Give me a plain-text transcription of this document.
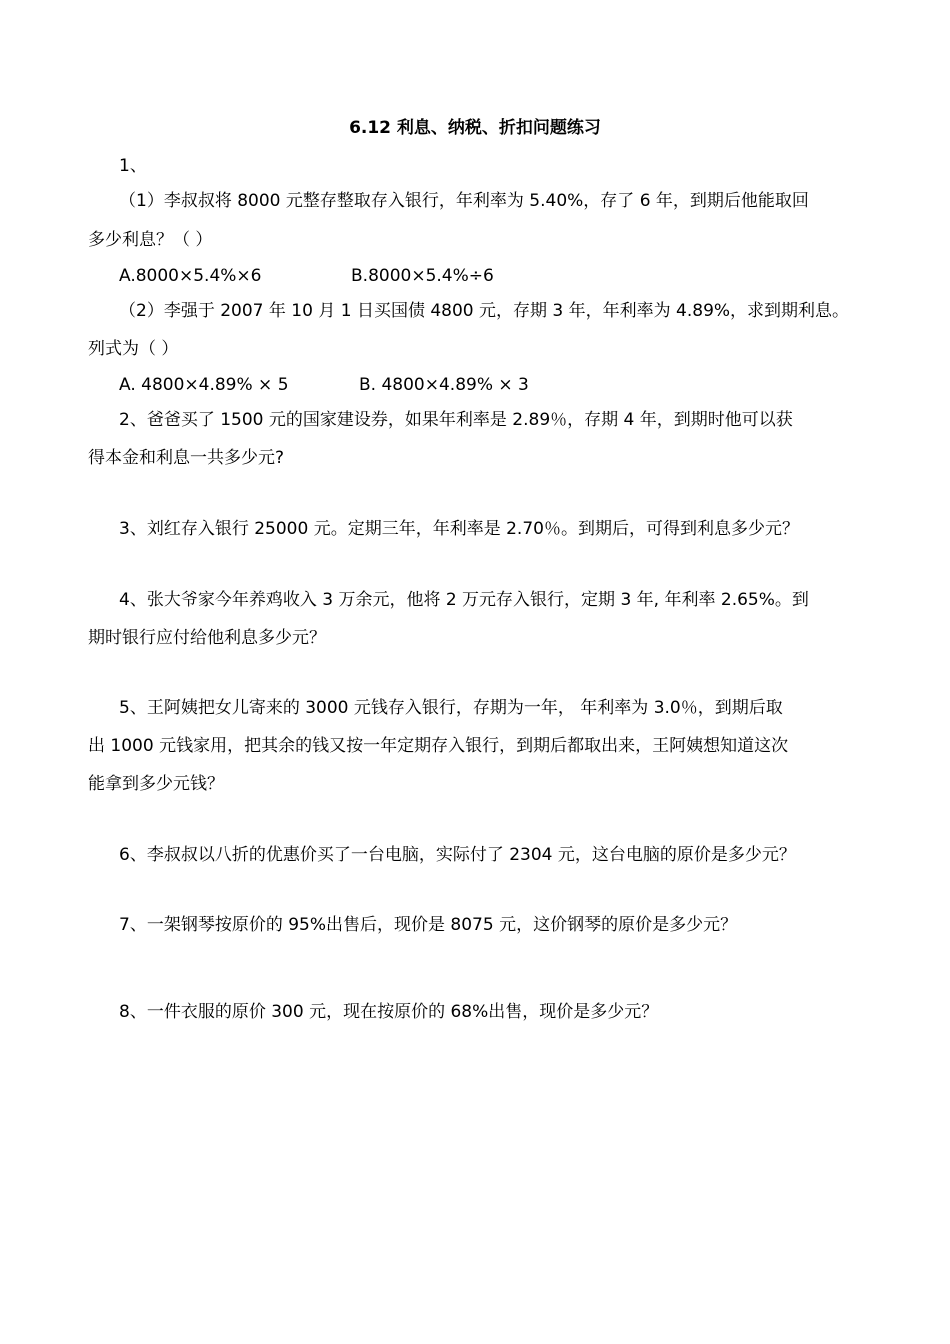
6.12 利息、纳税、折扣问题练习
1、
（1）李叔叔将 8000 元整存整取存入银行，年利率为 5.40%，存了 6 年，到期后他能取回
多少利息？（ ）
A.8000×5.4%×6	B.8000×5.4%÷6
（2）李强于 2007 年 10 月 1 日买国债 4800 元，存期 3 年，年利率为 4.89%，求到期利息。
列式为（ ）
A. 4800×4.89% × 5	B. 4800×4.89% × 3
2、爸爸买了 1500 元的国家建设券，如果年利率是 2.89％，存期 4 年，到期时他可以获
得本金和利息一共多少元?
3、刘红存入银行 25000 元。定期三年，年利率是 2.70％。到期后，可得到利息多少元？
4、张大爷家今年养鸡收入 3 万余元，他将 2 万元存入银行，定期 3 年, 年利率 2.65%。到
期时银行应付给他利息多少元？
5、王阿姨把女儿寄来的 3000 元钱存入银行，存期为一年， 年利率为 3.0％，到期后取
出 1000 元钱家用，把其余的钱又按一年定期存入银行，到期后都取出来，王阿姨想知道这次
能拿到多少元钱？
6、李叔叔以八折的优惠价买了一台电脑，实际付了 2304 元，这台电脑的原价是多少元？
7、一架钢琴按原价的 95%出售后，现价是 8075 元，这价钢琴的原价是多少元？
8、一件衣服的原价 300 元，现在按原价的 68%出售，现价是多少元？
